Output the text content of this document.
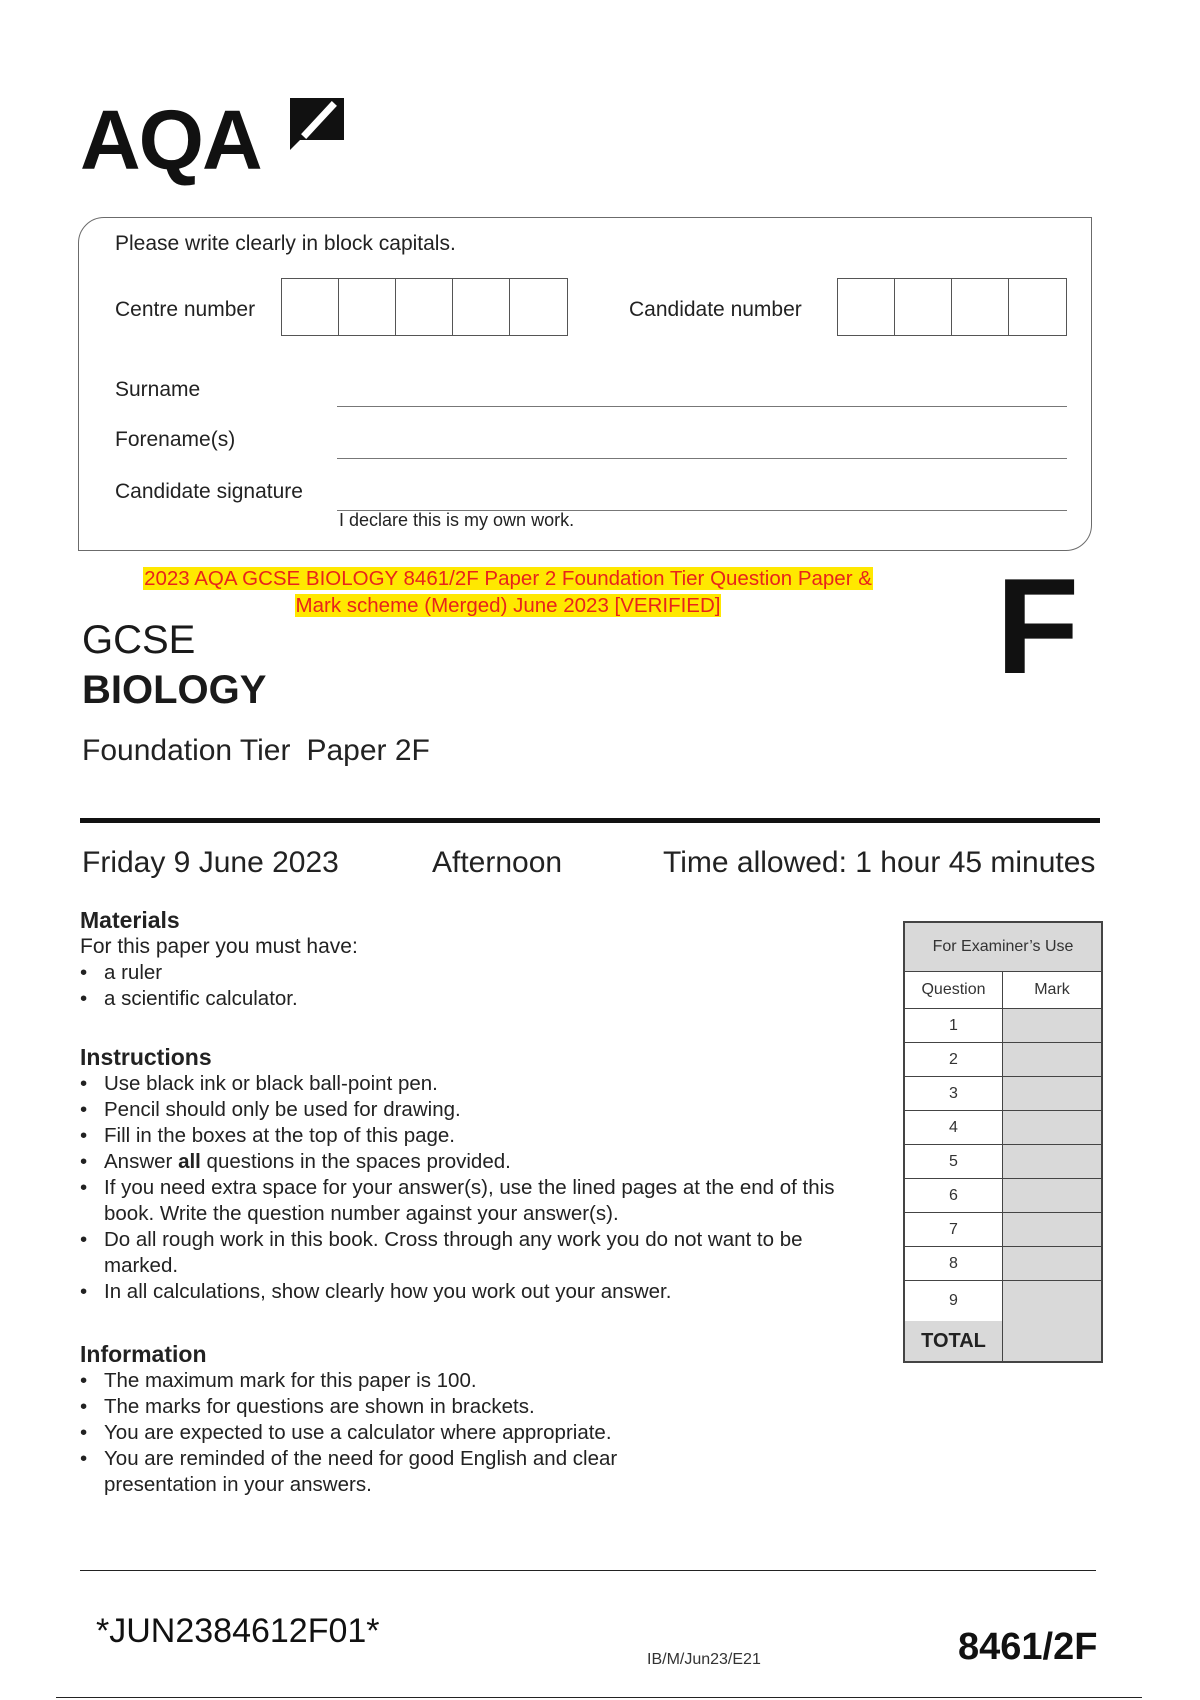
AQA
Please write clearly in block capitals.
Centre number	Candidate number
Surname
Forename(s)
Candidate signature
I declare this is my own work.
2023 AQA GCSE BIOLOGY 8461/2F Paper 2 Foundation Tier Question Paper &
Mark scheme (Merged) June 2023 [VERIFIED]	F
GCSE
BIOLOGY
Foundation Tier Paper 2F
Friday 9 June 2023	Afternoon	Time allowed: 1 hour 45 minutes
Materials
For this paper you must have:
• a ruler
• a scientific calculator.
Instructions
• Use black ink or black ball-point pen.
• Pencil should only be used for drawing.
• Fill in the boxes at the top of this page.
• Answer all questions in the spaces provided.
• If you need extra space for your answer(s), use the lined pages at the end of this book. Write the question number against your answer(s).
• Do all rough work in this book. Cross through any work you do not want to be marked.
• In all calculations, show clearly how you work out your answer.
Information
• The maximum mark for this paper is 100.
• The marks for questions are shown in brackets.
• You are expected to use a calculator where appropriate.
• You are reminded of the need for good English and clear presentation in your answers.
For Examiner’s Use
Question	Mark
1
2
3
4
5
6
7
8
9
TOTAL
*JUN2384612F01*
IB/M/Jun23/E21	8461/2F
